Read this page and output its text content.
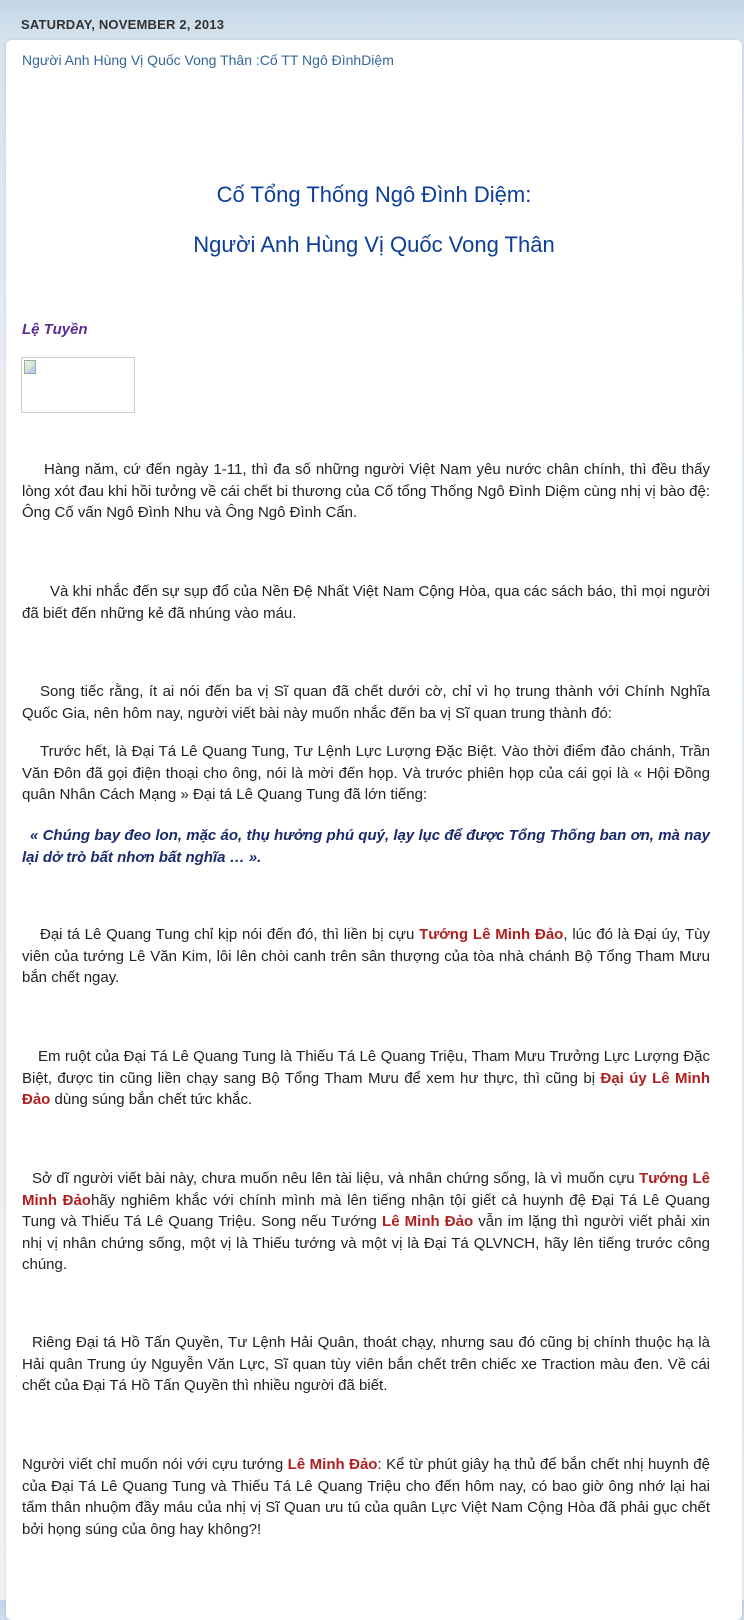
SATURDAY, NOVEMBER 2, 2013
Người Anh Hùng Vị Quốc Vong Thân :Cố TT Ngô ĐìnhDiệm
Cố Tổng Thống Ngô Đình Diệm:
Người Anh Hùng Vị Quốc Vong Thân
Lệ Tuyền

Hàng năm, cứ đến ngày 1-11, thì đa số những người Việt Nam yêu nước chân chính, thì đều thấy lòng xót đau khi hồi tưởng về cái chết bi thương của Cố tổng Thống Ngô Đình Diệm cùng nhị vị bào đệ: Ông Cố vấn Ngô Đình Nhu và Ông Ngô Đình Cẩn.

Và khi nhắc đến sự sụp đổ của Nền Đệ Nhất Việt Nam Cộng Hòa, qua các sách báo, thì mọi người đã biết đến những kẻ đã nhúng vào máu.

Song tiếc rằng, ít ai nói đến ba vị Sĩ quan đã chết dưới cờ, chỉ vì họ trung thành với Chính Nghĩa Quốc Gia, nên hôm nay, người viết bài này muốn nhắc đến ba vị Sĩ quan trung thành đó:

Trước hết, là Đại Tá Lê Quang Tung, Tư Lệnh Lực Lượng Đặc Biệt. Vào thời điểm đảo chánh, Trần Văn Đôn đã gọi điện thoại cho ông, nói là mời đến họp. Và trước phiên họp của cái gọi là « Hội Đồng quân Nhân Cách Mạng » Đại tá Lê Quang Tung đã lớn tiếng:

« Chúng bay đeo lon, mặc áo, thụ hưởng phú quý, lạy lục để được Tổng Thống ban ơn, mà nay lại dở trò bất nhơn bất nghĩa … ».

Đại tá Lê Quang Tung chỉ kịp nói đến đó, thì liền bị cựu Tướng Lê Minh Đảo, lúc đó là Đại úy, Tùy viên của tướng Lê Văn Kim, lôi lên chòi canh trên sân thượng của tòa nhà chánh Bộ Tổng Tham Mưu bắn chết ngay.

Em ruột của Đại Tá Lê Quang Tung là Thiếu Tá Lê Quang Triệu, Tham Mưu Trưởng Lực Lượng Đặc Biệt, được tin cũng liền chạy sang Bộ Tổng Tham Mưu để xem hư thực, thì cũng bị Đại úy Lê Minh Đảo dùng súng bắn chết tức khắc.

Sở dĩ người viết bài này, chưa muốn nêu lên tài liệu, và nhân chứng sống, là vì muốn cựu Tướng Lê Minh Đảohãy nghiêm khắc với chính mình mà lên tiếng nhận tội giết cả huynh đệ Đại Tá Lê Quang Tung và Thiếu Tá Lê Quang Triệu. Song nếu Tướng Lê Minh Đảo vẫn im lặng thì người viết phải xin nhị vị nhân chứng sống, một vị là Thiếu tướng và một vị là Đại Tá QLVNCH, hãy lên tiếng trước công chúng.

Riêng Đại tá Hồ Tấn Quyền, Tư Lệnh Hải Quân, thoát chạy, nhưng sau đó cũng bị chính thuộc hạ là Hải quân Trung úy Nguyễn Văn Lực, Sĩ quan tùy viên bắn chết trên chiếc xe Traction màu đen. Về cái chết của Đại Tá Hồ Tấn Quyền thì nhiều người đã biết.

Người viết chỉ muốn nói với cựu tướng Lê Minh Đảo: Kể từ phút giây hạ thủ để bắn chết nhị huynh đệ của Đại Tá Lê Quang Tung và Thiếu Tá Lê Quang Triệu cho đến hôm nay, có bao giờ ông nhớ lại hai tấm thân nhuộm đầy máu của nhị vị Sĩ Quan ưu tú của quân Lực Việt Nam Cộng Hòa đã phải gục chết bởi họng súng của ông hay không?!
